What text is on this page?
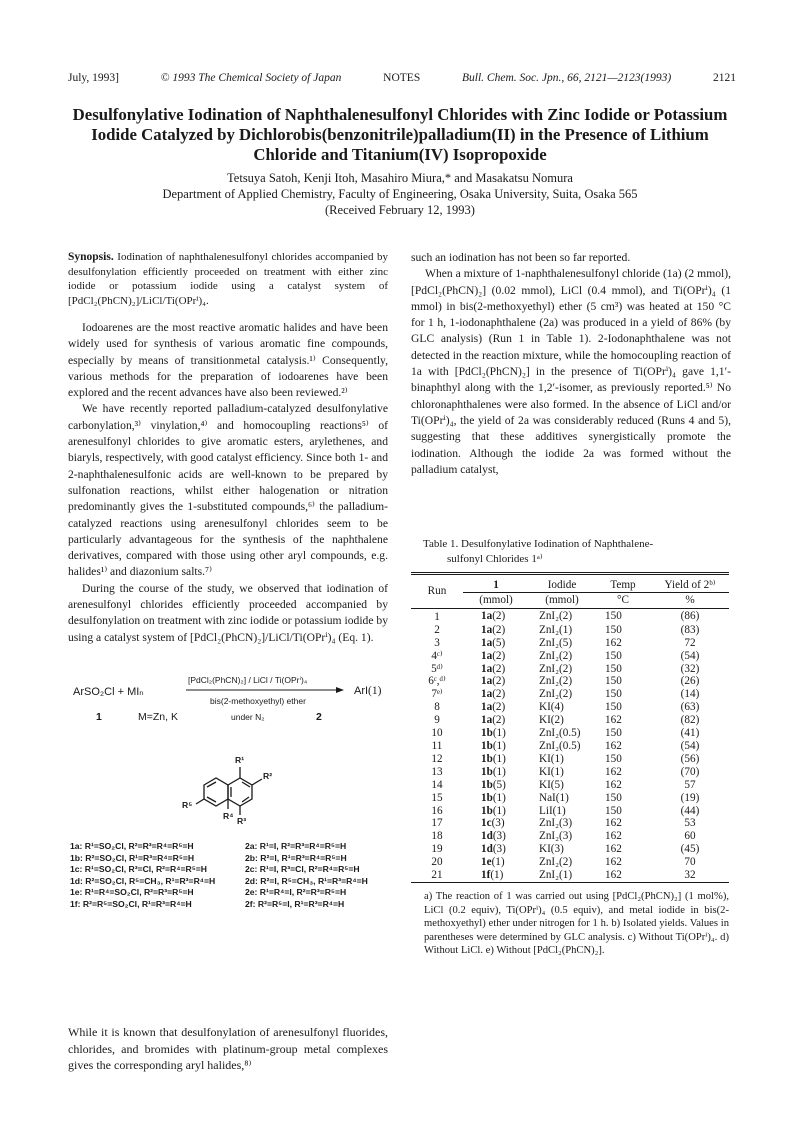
July, 1993]	© 1993 The Chemical Society of Japan	NOTES	Bull. Chem. Soc. Jpn., 66, 2121—2123(1993)	2121
Desulfonylative Iodination of Naphthalenesulfonyl Chlorides with Zinc Iodide or Potassium Iodide Catalyzed by Dichlorobis(benzonitrile)palladium(II) in the Presence of Lithium Chloride and Titanium(IV) Isopropoxide
Tetsuya Satoh, Kenji Itoh, Masahiro Miura,* and Masakatsu Nomura
Department of Applied Chemistry, Faculty of Engineering, Osaka University, Suita, Osaka 565
(Received February 12, 1993)
Synopsis. Iodination of naphthalenesulfonyl chlorides accompanied by desulfonylation efficiently proceeded on treatment with either zinc iodide or potassium iodide using a catalyst system of [PdCl₂(PhCN)₂]/LiCl/Ti(OPrⁱ)₄.

Iodoarenes are the most reactive aromatic halides and have been widely used for synthesis of various aromatic fine compounds, especially by means of transitionmetal catalysis.¹⁾ Consequently, various methods for the preparation of iodoarenes have been explored and the recent advances have also been reviewed.²⁾

We have recently reported palladium-catalyzed desulfonylative carbonylation,³⁾ vinylation,⁴⁾ and homocoupling reactions⁵⁾ of arenesulfonyl chlorides to give aromatic esters, arylethenes, and biaryls, respectively, with good catalyst efficiency. Since both 1- and 2-naphthalenesulfonic acids are well-known to be prepared by sulfonation reactions, whilst either halogenation or nitration predominantly gives the 1-substituted compounds,⁶⁾ the palladium-catalyzed reactions using arenesulfonyl chlorides seem to be particularly advantageous for the synthesis of the naphthalene derivatives, compared with those using other aryl compounds, e.g. halides¹⁾ and diazonium salts.⁷⁾

During the course of the study, we observed that iodination of arenesulfonyl chlorides efficiently proceeded accompanied by desulfonylation on treatment with zinc iodide or potassium iodide by using a catalyst system of [PdCl₂(PhCN)₂]/LiCl/Ti(OPrⁱ)₄ (Eq. 1).

ArSO₂Cl + MIₙ
[PdCl₂(PhCN)₂] / LiCl / Ti(OPrⁱ)₄
bis(2-methoxyethyl) ether
ArI (1)
1	M=Zn, K	under N₂	2
R¹
R²
R⁴ R³
R⁵
1a: R¹=SO₂Cl, R²=R³=R⁴=R⁵=H
1b: R²=SO₂Cl, R¹=R³=R⁴=R⁵=H
1c: R¹=SO₂Cl, R³=Cl, R²=R⁴=R⁵=H
1d: R²=SO₂Cl, R⁵=CH₃, R¹=R³=R⁴=H
1e: R¹=R⁴=SO₂Cl, R²=R³=R⁵=H
1f: R²=R⁵=SO₂Cl, R¹=R³=R⁴=H
2a: R¹=I, R²=R³=R⁴=R⁵=H
2b: R²=I, R¹=R³=R⁴=R⁵=H
2c: R¹=I, R³=Cl, R²=R⁴=R⁵=H
2d: R²=I, R⁵=CH₃, R¹=R³=R⁴=H
2e: R¹=R⁴=I, R²=R³=R⁵=H
2f: R²=R⁵=I, R¹=R³=R⁴=H
While it is known that desulfonylation of arenesulfonyl fluorides, chlorides, and bromides with platinum-group metal complexes gives the corresponding aryl halides,⁸⁾

such an iodination has not been so far reported.

When a mixture of 1-naphthalenesulfonyl chloride (1a) (2 mmol), [PdCl₂(PhCN)₂] (0.02 mmol), LiCl (0.4 mmol), and Ti(OPrⁱ)₄ (1 mmol) in bis(2-methoxyethyl) ether (5 cm³) was heated at 150 °C for 1 h, 1-iodonaphthalene (2a) was produced in a yield of 86% (by GLC analysis) (Run 1 in Table 1). 2-Iodonaphthalene was not detected in the reaction mixture, while the homocoupling reaction of 1a with [PdCl₂(PhCN)₂] in the presence of Ti(OPrⁱ)₄ gave 1,1′-binaphthyl along with the 1,2′-isomer, as previously reported.⁵⁾ No chloronaphthalenes were also formed. In the absence of LiCl and/or Ti(OPrⁱ)₄, the yield of 2a was considerably reduced (Runs 4 and 5), suggesting that these additives synergistically promote the iodination. Although the iodide 2a was formed without the palladium catalyst,

Table 1. Desulfonylative Iodination of Naphthalene-
sulfonyl Chlorides 1ᵃ⁾
Run	1	Iodide	Temp	Yield of 2ᵇ⁾
	(mmol)	(mmol)	°C	%
1	1a(2)	ZnI₂(2)	150	(86)
2	1a(2)	ZnI₂(1)	150	(83)
3	1a(5)	ZnI₂(5)	162	72
4ᶜ⁾	1a(2)	ZnI₂(2)	150	(54)
5ᵈ⁾	1a(2)	ZnI₂(2)	150	(32)
6ᶜ,ᵈ⁾	1a(2)	ZnI₂(2)	150	(26)
7ᵉ⁾	1a(2)	ZnI₂(2)	150	(14)
8	1a(2)	KI(4)	150	(63)
9	1a(2)	KI(2)	162	(82)
10	1b(1)	ZnI₂(0.5)	150	(41)
11	1b(1)	ZnI₂(0.5)	162	(54)
12	1b(1)	KI(1)	150	(56)
13	1b(1)	KI(1)	162	(70)
14	1b(5)	KI(5)	162	57
15	1b(1)	NaI(1)	150	(19)
16	1b(1)	LiI(1)	150	(44)
17	1c(3)	ZnI₂(3)	162	53
18	1d(3)	ZnI₂(3)	162	60
19	1d(3)	KI(3)	162	(45)
20	1e(1)	ZnI₂(2)	162	70
21	1f(1)	ZnI₂(1)	162	32
a) The reaction of 1 was carried out using [PdCl₂(PhCN)₂] (1 mol%), LiCl (0.2 equiv), Ti(OPrⁱ)₄ (0.5 equiv), and metal iodide in bis(2-methoxyethyl) ether under nitrogen for 1 h. b) Isolated yields. Values in parentheses were determined by GLC analysis. c) Without Ti(OPrⁱ)₄. d) Without LiCl. e) Without [PdCl₂(PhCN)₂].
